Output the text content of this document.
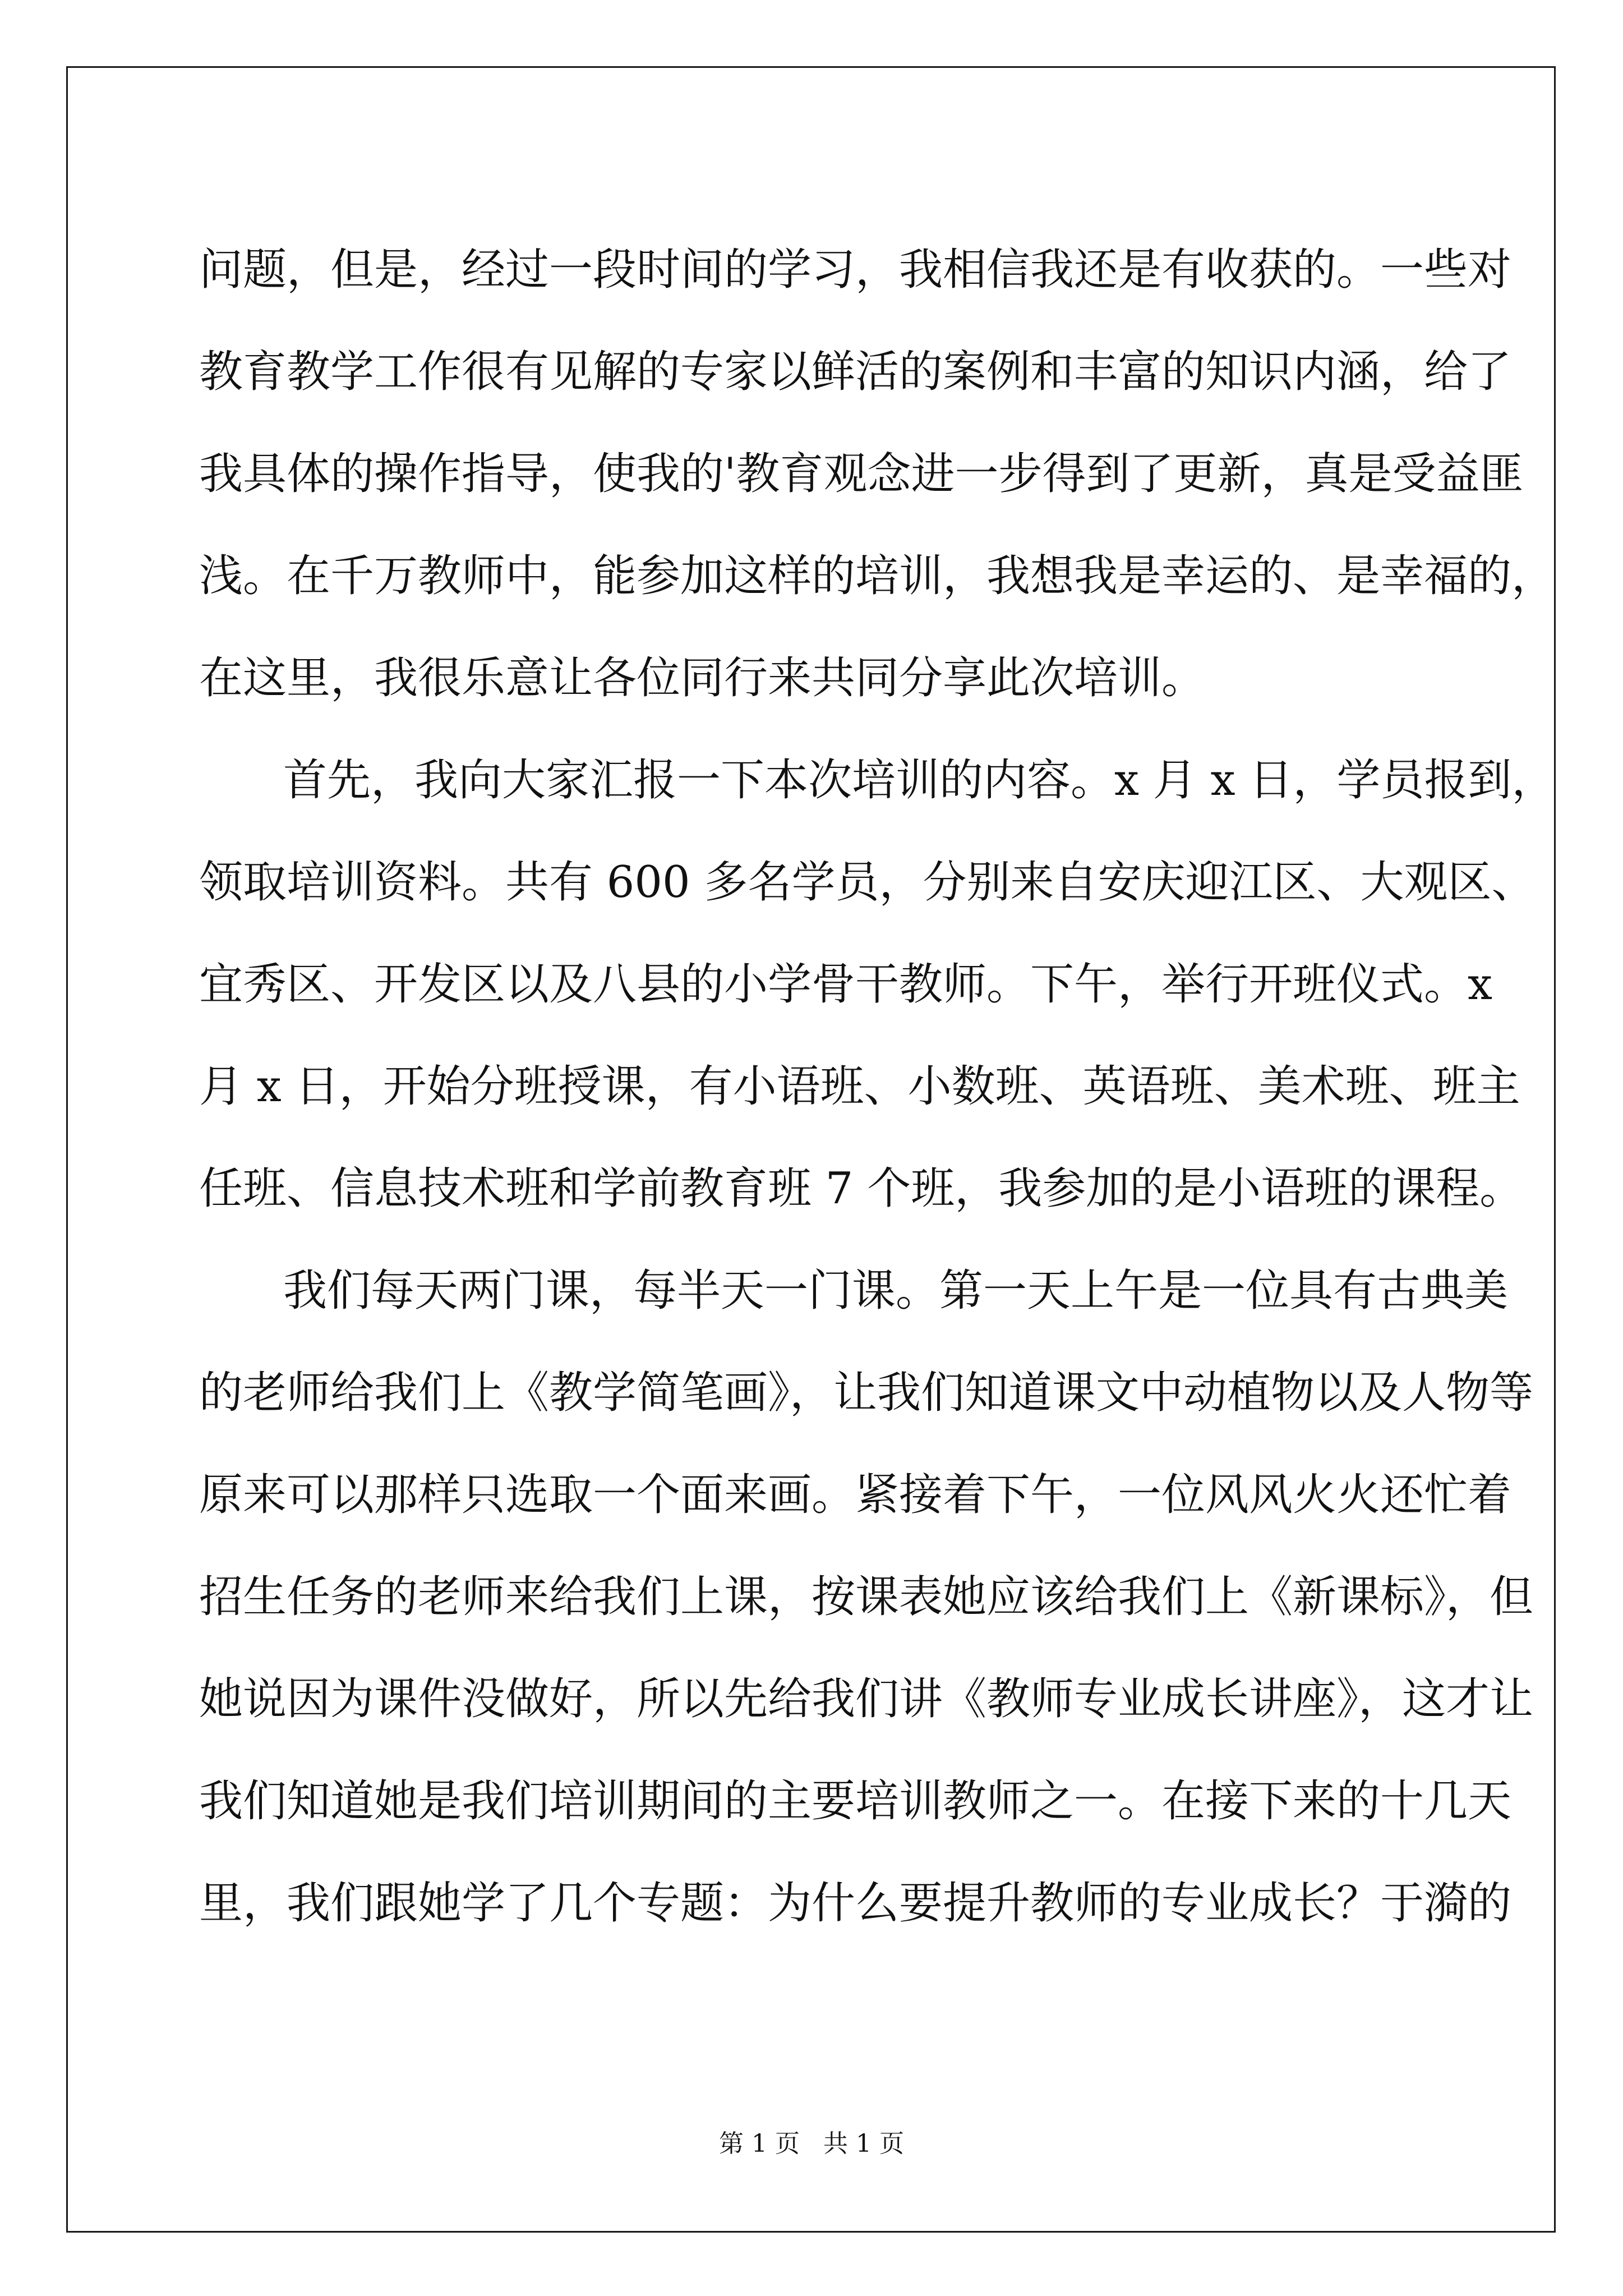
问题，但是，经过一段时间的学习，我相信我还是有收获的。一些对
教育教学工作很有见解的专家以鲜活的案例和丰富的知识内涵，给了
我具体的操作指导，使我的'教育观念进一步得到了更新，真是受益匪
浅。在千万教师中，能参加这样的培训，我想我是幸运的、是幸福的，
在这里，我很乐意让各位同行来共同分享此次培训。
首先，我向大家汇报一下本次培训的内容。x 月 x 日，学员报到，
领取培训资料。共有 600 多名学员，分别来自安庆迎江区、大观区、
宜秀区、开发区以及八县的小学骨干教师。下午，举行开班仪式。x
月 x 日，开始分班授课，有小语班、小数班、英语班、美术班、班主
任班、信息技术班和学前教育班 7 个班，我参加的是小语班的课程。
我们每天两门课，每半天一门课。第一天上午是一位具有古典美
的老师给我们上《教学简笔画》，让我们知道课文中动植物以及人物等
原来可以那样只选取一个面来画。紧接着下午，一位风风火火还忙着
招生任务的老师来给我们上课，按课表她应该给我们上《新课标》，但
她说因为课件没做好，所以先给我们讲《教师专业成长讲座》，这才让
我们知道她是我们培训期间的主要培训教师之一。在接下来的十几天
里，我们跟她学了几个专题：为什么要提升教师的专业成长？于漪的
第 1 页   共 1 页
